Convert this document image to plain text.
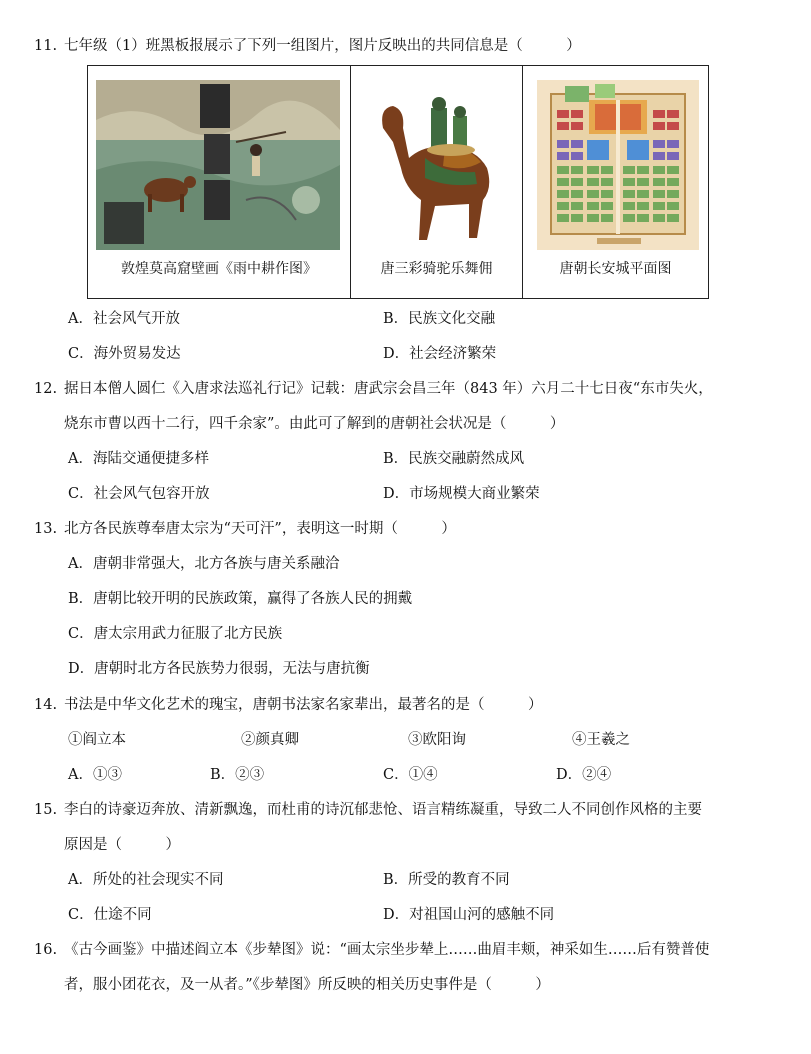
11. 七年级（1）班黑板报展示了下列一组图片，图片反映出的共同信息是（　　　）
敦煌莫高窟壁画《雨中耕作图》	唐三彩骑驼乐舞佣	唐朝长安城平面图
A．社会风气开放	B．民族文化交融
C．海外贸易发达	D．社会经济繁荣
12. 据日本僧人圆仁《入唐求法巡礼行记》记载：唐武宗会昌三年（843 年）六月二十七日夜“东市失火，
烧东市曹以西十二行，四千余家”。由此可了解到的唐朝社会状况是（　　　）
A．海陆交通便捷多样	B．民族交融蔚然成风
C．社会风气包容开放	D．市场规模大商业繁荣
13. 北方各民族尊奉唐太宗为“天可汗”，表明这一时期（　　　）
A．唐朝非常强大，北方各族与唐关系融洽
B．唐朝比较开明的民族政策，赢得了各族人民的拥戴
C．唐太宗用武力征服了北方民族
D．唐朝时北方各民族势力很弱，无法与唐抗衡
14. 书法是中华文化艺术的瑰宝，唐朝书法家名家辈出，最著名的是（　　　）
①阎立本	②颜真卿	③欧阳询	④王羲之
A．①③	B．②③	C．①④	D．②④
15. 李白的诗豪迈奔放、清新飘逸，而杜甫的诗沉郁悲怆、语言精练凝重，导致二人不同创作风格的主要
原因是（　　　）
A．所处的社会现实不同	B．所受的教育不同
C．仕途不同	D．对祖国山河的感触不同
16. 《古今画鉴》中描述阎立本《步辇图》说：“画太宗坐步辇上……曲眉丰颊，神采如生……后有赞普使
者，服小团花衣，及一从者。”《步辇图》所反映的相关历史事件是（　　　）
